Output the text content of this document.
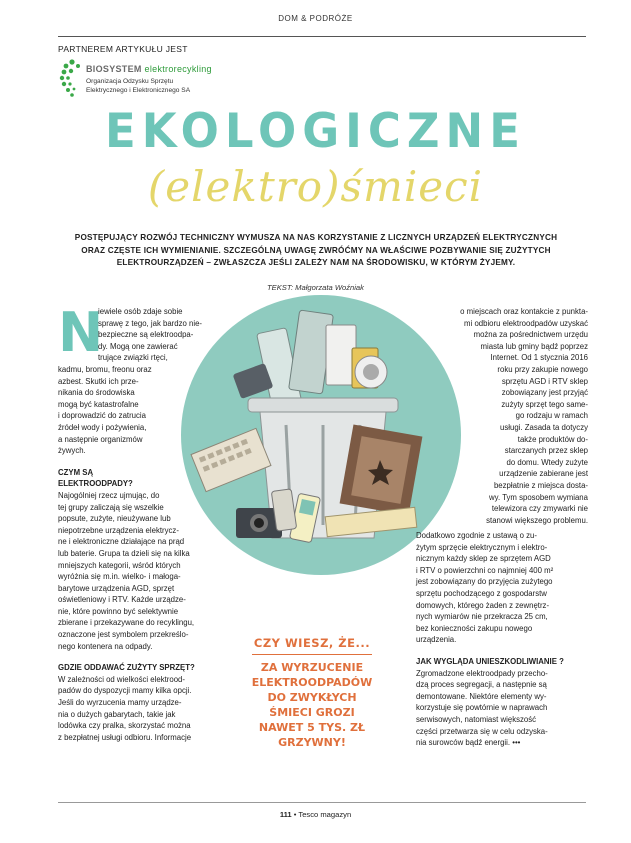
DOM & PODRÓŻE
PARTNEREM ARTYKUŁU JEST
BIOSYSTEM elektrorecykling
Organizacja Odzysku Sprzętu
Elektrycznego i Elektronicznego SA
EKOLOGICZNE
(elektro)śmieci
POSTĘPUJĄCY ROZWÓJ TECHNICZNY WYMUSZA NA NAS KORZYSTANIE Z LICZNYCH URZĄDZEŃ ELEKTRYCZNYCH ORAZ CZĘSTE ICH WYMIENIANIE. SZCZEGÓLNĄ UWAGĘ ZWRÓĆMY NA WŁAŚCIWE POZBYWANIE SIĘ ZUŻYTYCH ELEKTROURZĄDZEŃ – ZWŁASZCZA JEŚLI ZALEŻY NAM NA ŚRODOWISKU, W KTÓRYM ŻYJEMY.
TEKST: Małgorzata Woźniak
N
iewiele osób zdaje sobie
sprawę z tego, jak bardzo nie-
bezpieczne są elektroodpa-
dy. Mogą one zawierać
trujące związki rtęci,
kadmu, bromu, freonu oraz
azbest. Skutki ich prze-
nikania do środowiska
mogą być katastrofalne
i doprowadzić do zatrucia
źródeł wody i pożywienia,
a następnie organizmów
żywych.
CZYM SĄ
ELEKTROODPADY?
Najogólniej rzecz ujmując, do
tej grupy zaliczają się wszelkie
popsute, zużyte, nieużywane lub
niepotrzebne urządzenia elektrycz-
ne i elektroniczne działające na prąd
lub baterie. Grupa ta dzieli się na kilka
mniejszych kategorii, wśród których
wyróżnia się m.in. wielko- i małoga-
barytowe urządzenia AGD, sprzęt
oświetleniowy i RTV. Każde urządze-
nie, które powinno być selektywnie
zbierane i przekazywane do recyklingu,
oznaczone jest symbolem przekreślo-
nego kontenera na odpady.
GDZIE ODDAWAĆ ZUŻYTY SPRZĘT?
W zależności od wielkości elektrood-
padów do dyspozycji mamy kilka opcji.
Jeśli do wyrzucenia mamy urządze-
nia o dużych gabarytach, takie jak
lodówka czy pralka, skorzystać można
z bezpłatnej usługi odbioru. Informacje
o miejscach oraz kontakcie z punkta-
mi odbioru elektroodpadów uzyskać
można za pośrednictwem urzędu
miasta lub gminy bądź poprzez
Internet. Od 1 stycznia 2016
roku przy zakupie nowego
sprzętu AGD i RTV sklep
zobowiązany jest przyjąć
zużyty sprzęt tego same-
go rodzaju w ramach
usługi. Zasada ta dotyczy
także produktów do-
starczanych przez sklep
do domu. Wtedy zużyte
urządzenie zabierane jest
bezpłatnie z miejsca dosta-
wy. Tym sposobem wymiana
telewizora czy zmywarki nie
stanowi większego problemu.
Dodatkowo zgodnie z ustawą o zu-
żytym sprzęcie elektrycznym i elektro-
nicznym każdy sklep ze sprzętem AGD
i RTV o powierzchni co najmniej 400 m²
jest zobowiązany do przyjęcia zużytego
sprzętu pochodzącego z gospodarstw
domowych, którego żaden z zewnętrz-
nych wymiarów nie przekracza 25 cm,
bez konieczności zakupu nowego
urządzenia.
JAK WYGLĄDA UNIESZKODLIWIANIE ?
Zgromadzone elektroodpady przecho-
dzą proces segregacji, a następnie są
demontowane. Niektóre elementy wy-
korzystuje się powtórnie w naprawach
serwisowych, natomiast większość
części przetwarza się w celu odzyska-
nia surowców bądź energii. •••
CZY WIESZ, ŻE...
ZA WYRZUCENIE
ELEKTROODPADÓW
DO ZWYKŁYCH
ŚMIECI GROZI
NAWET 5 TYS. ZŁ
GRZYWNY!
111 • Tesco magazyn
